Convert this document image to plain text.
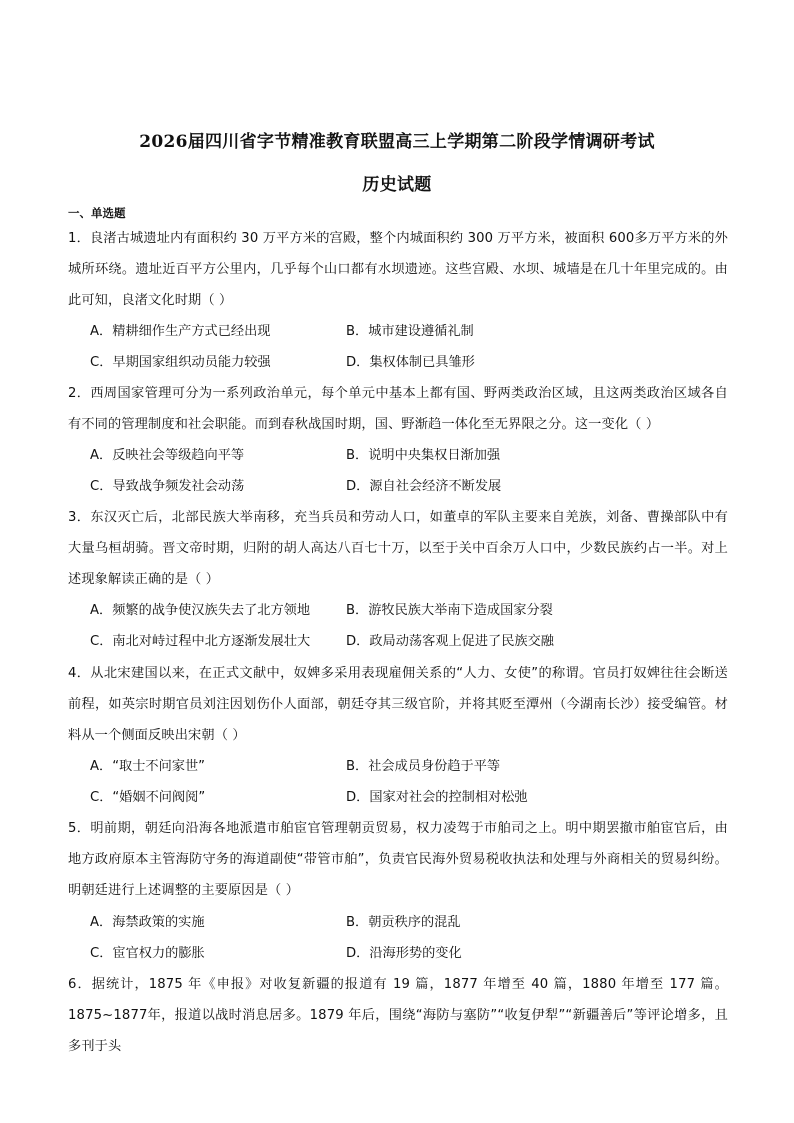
2026届四川省字节精准教育联盟高三上学期第二阶段学情调研考试
历史试题
一、单选题
1．良渚古城遗址内有面积约 30 万平方米的宫殿，整个内城面积约 300 万平方米，被面积 600多万平方米的外城所环绕。遗址近百平方公里内，几乎每个山口都有水坝遗迹。这些宫殿、水坝、城墙是在几十年里完成的。由此可知，良渚文化时期（ ）
A．精耕细作生产方式已经出现	B．城市建设遵循礼制
C．早期国家组织动员能力较强	D．集权体制已具雏形
2．西周国家管理可分为一系列政治单元，每个单元中基本上都有国、野两类政治区域，且这两类政治区域各自有不同的管理制度和社会职能。而到春秋战国时期，国、野渐趋一体化至无界限之分。这一变化（ ）
A．反映社会等级趋向平等	B．说明中央集权日渐加强
C．导致战争频发社会动荡	D．源自社会经济不断发展
3．东汉灭亡后，北部民族大举南移，充当兵员和劳动人口，如董卓的军队主要来自羌族，刘备、曹操部队中有大量乌桓胡骑。晋文帝时期，归附的胡人高达八百七十万，以至于关中百余万人口中，少数民族约占一半。对上述现象解读正确的是（ ）
A．频繁的战争使汉族失去了北方领地	B．游牧民族大举南下造成国家分裂
C．南北对峙过程中北方逐渐发展壮大	D．政局动荡客观上促进了民族交融
4．从北宋建国以来，在正式文献中，奴婢多采用表现雇佣关系的“人力、女使”的称谓。官员打奴婢往往会断送前程，如英宗时期官员刘注因划伤仆人面部，朝廷夺其三级官阶，并将其贬至潭州（今湖南长沙）接受编管。材料从一个侧面反映出宋朝（ ）
A．“取士不问家世”	B．社会成员身份趋于平等
C．“婚姻不问阀阅”	D．国家对社会的控制相对松弛
5．明前期，朝廷向沿海各地派遣市舶宦官管理朝贡贸易，权力凌驾于市舶司之上。明中期罢撤市舶宦官后，由地方政府原本主管海防守务的海道副使“带管市舶”，负责官民海外贸易税收执法和处理与外商相关的贸易纠纷。明朝廷进行上述调整的主要原因是（ ）
A．海禁政策的实施	B．朝贡秩序的混乱
C．宦官权力的膨胀	D．沿海形势的变化
6．据统计，1875 年《申报》对收复新疆的报道有 19 篇，1877 年增至 40 篇，1880 年增至 177 篇。1875~1877年，报道以战时消息居多。1879 年后，围绕“海防与塞防”“收复伊犁”“新疆善后”等评论增多，且多刊于头
